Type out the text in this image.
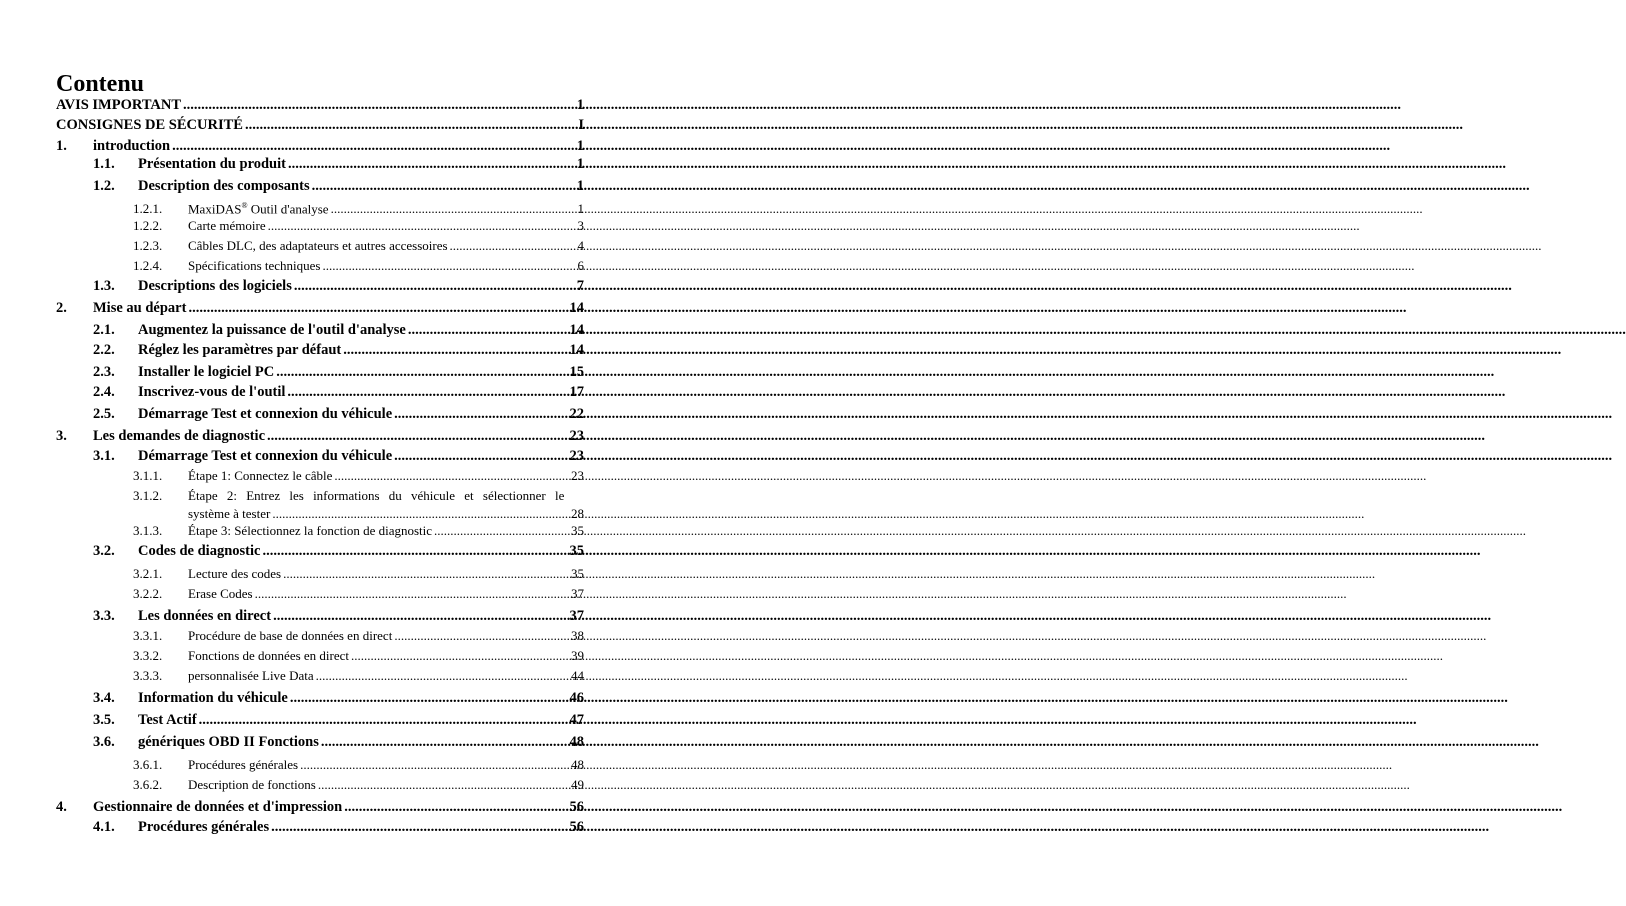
Contenu
AVIS IMPORTANT .....	1
CONSIGNES DE SÉCURITÉ .....	I
1.	introduction .....	1
1.1.	Présentation du produit .....	1
1.2.	Description des composants .....	1
1.2.1.	MaxiDAS® Outil d'analyse .....	1
1.2.2.	Carte mémoire .....	3
1.2.3.	Câbles DLC, des adaptateurs et autres accessoires .....	4
1.2.4.	Spécifications techniques .....	6
1.3.	Descriptions des logiciels .....	7
2.	Mise au départ .....	14
2.1.	Augmentez la puissance de l'outil d'analyse .....	14
2.2.	Réglez les paramètres par défaut .....	14
2.3.	Installer le logiciel PC .....	15
2.4.	Inscrivez-vous de l'outil .....	17
2.5.	Démarrage Test et connexion du véhicule .....	22
3.	Les demandes de diagnostic .....	23
3.1.	Démarrage Test et connexion du véhicule .....	23
3.1.1.	Étape 1: Connectez le câble .....	23
3.1.2. Étape 2: Entrez les informations du véhicule et sélectionner le
système à tester .....	28
3.1.3.	Étape 3: Sélectionnez la fonction de diagnostic .....	35
3.2.	Codes de diagnostic .....	35
3.2.1.	Lecture des codes .....	35
3.2.2.	Erase Codes .....	37
3.3.	Les données en direct .....	37
3.3.1.	Procédure de base de données en direct .....	38
3.3.2.	Fonctions de données en direct .....	39
3.3.3.	personnalisée Live Data .....	44
3.4.	Information du véhicule .....	46
3.5.	Test Actif .....	47
3.6.	génériques OBD II Fonctions .....	48
3.6.1.	Procédures générales .....	48
3.6.2.	Description de fonctions .....	49
4.	Gestionnaire de données et d'impression .....	56
4.1.	Procédures générales .....	56
